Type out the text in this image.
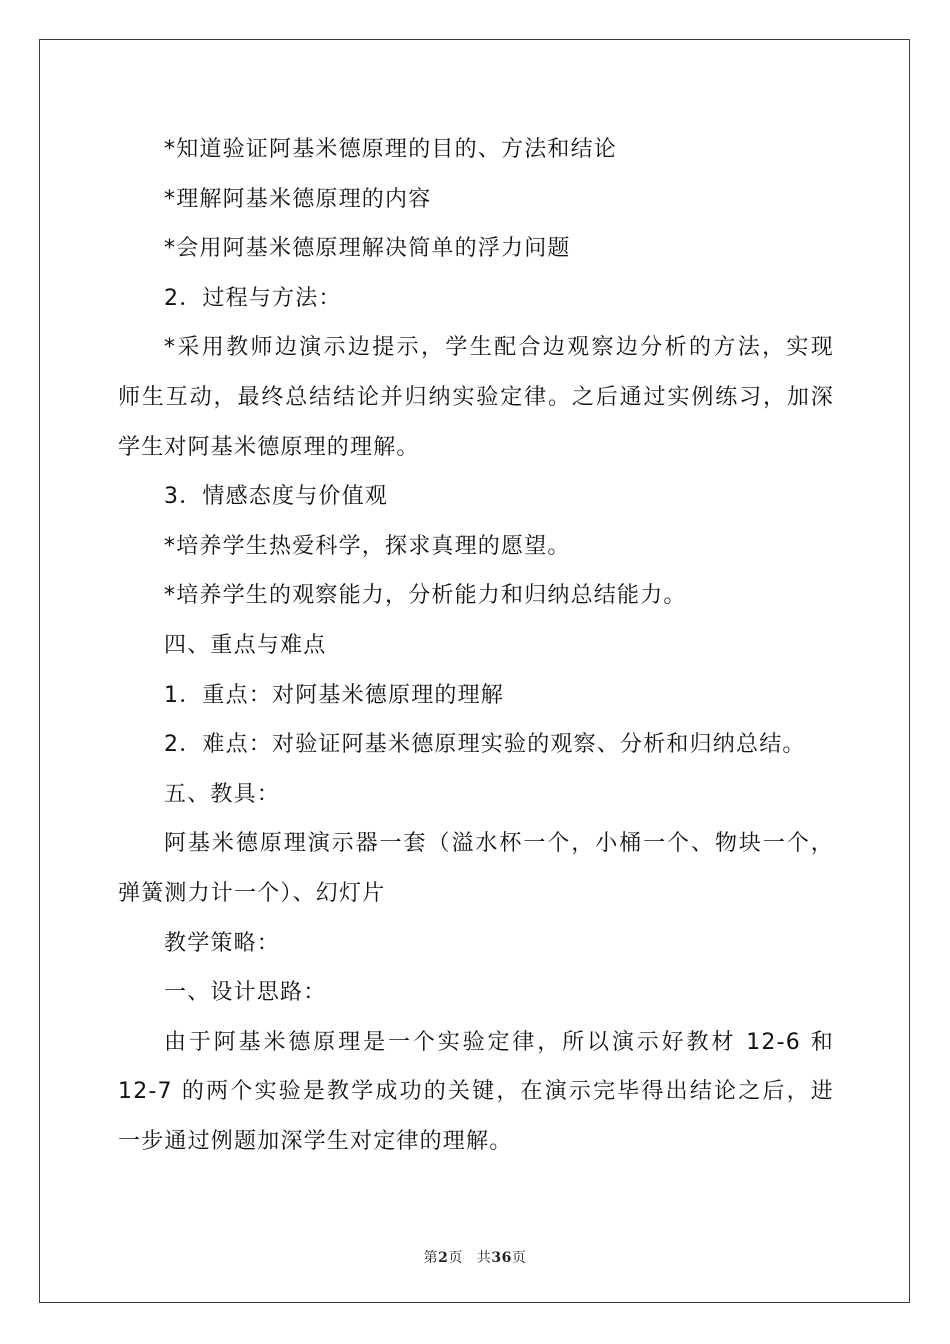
*知道验证阿基米德原理的目的、方法和结论
*理解阿基米德原理的内容
*会用阿基米德原理解决简单的浮力问题
2．过程与方法：
*采用教师边演示边提示，学生配合边观察边分析的方法，实现
师生互动，最终总结结论并归纳实验定律。之后通过实例练习，加深
学生对阿基米德原理的理解。
3．情感态度与价值观
*培养学生热爱科学，探求真理的愿望。
*培养学生的观察能力，分析能力和归纳总结能力。
四、重点与难点
1．重点：对阿基米德原理的理解
2．难点：对验证阿基米德原理实验的观察、分析和归纳总结。
五、教具：
阿基米德原理演示器一套（溢水杯一个，小桶一个、物块一个，
弹簧测力计一个）、幻灯片
教学策略：
一、设计思路：
由于阿基米德原理是一个实验定律，所以演示好教材 12-6 和
12-7 的两个实验是教学成功的关键，在演示完毕得出结论之后，进
一步通过例题加深学生对定律的理解。
第2页 共36页
